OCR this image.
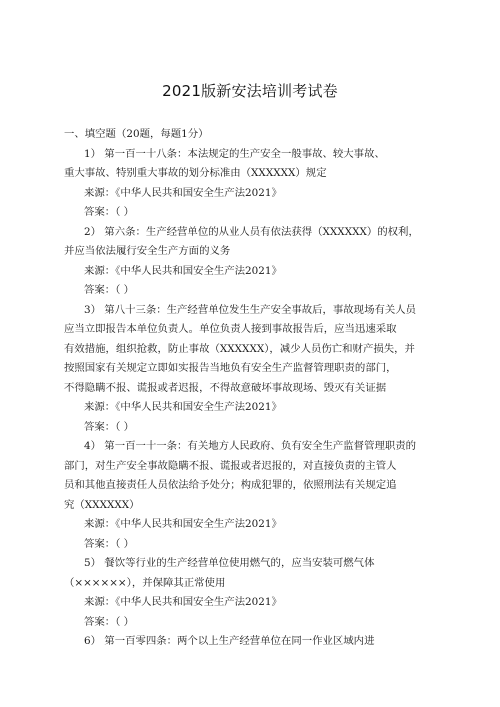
2021版新安法培训考试卷
一、填空题（20题，每题1分）
1） 第一百一十八条：本法规定的生产安全一般事故、较大事故、
重大事故、特别重大事故的划分标准由（XXXXXX）规定
来源：《中华人民共和国安全生产法2021》
答案：（ ）
2） 第六条：生产经营单位的从业人员有依法获得（XXXXXX）的权利，
并应当依法履行安全生产方面的义务
来源：《中华人民共和国安全生产法2021》
答案：（ ）
3） 第八十三条：生产经营单位发生生产安全事故后，事故现场有关人员
应当立即报告本单位负责人。单位负责人接到事故报告后，应当迅速采取
有效措施，组织抢救，防止事故（XXXXXX），减少人员伤亡和财产损失，并
按照国家有关规定立即如实报告当地负有安全生产监督管理职责的部门，
不得隐瞒不报、谎报或者迟报，不得故意破坏事故现场、毁灭有关证据
来源：《中华人民共和国安全生产法2021》
答案：（ ）
4） 第一百一十一条：有关地方人民政府、负有安全生产监督管理职责的
部门，对生产安全事故隐瞒不报、谎报或者迟报的，对直接负责的主管人
员和其他直接责任人员依法给予处分；构成犯罪的，依照刑法有关规定追
究（XXXXXX）
来源：《中华人民共和国安全生产法2021》
答案：（ ）
5） 餐饮等行业的生产经营单位使用燃气的，应当安装可燃气体
（××××××），并保障其正常使用
来源：《中华人民共和国安全生产法2021》
答案：（ ）
6） 第一百零四条：两个以上生产经营单位在同一作业区域内进
